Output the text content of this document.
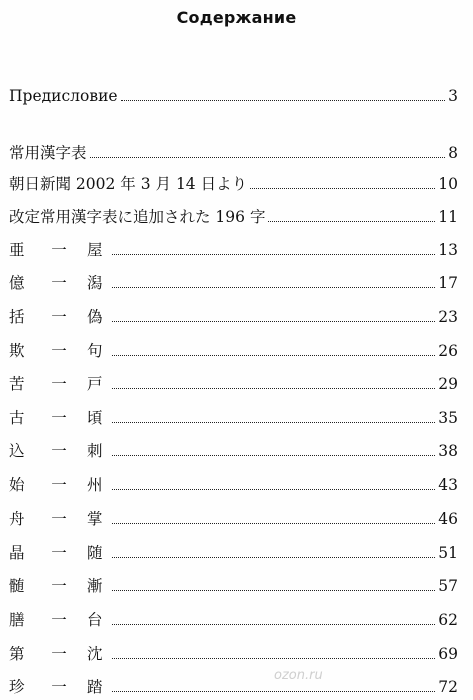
Содержание
Предисловие	3
常用漢字表	8
朝日新聞 2002 年 3 月 14 日より	10
改定常用漢字表に追加された 196 字	11
亜	一	屋	13
億	一	潟	17
括	一	偽	23
欺	一	句	26
苦	一	戸	29
古	一	頃	35
込	一	刺	38
始	一	州	43
舟	一	掌	46
晶	一	随	51
髄	一	漸	57
膳	一	台	62
第	一	沈	69
珍	一	踏	72
ozon.ru
